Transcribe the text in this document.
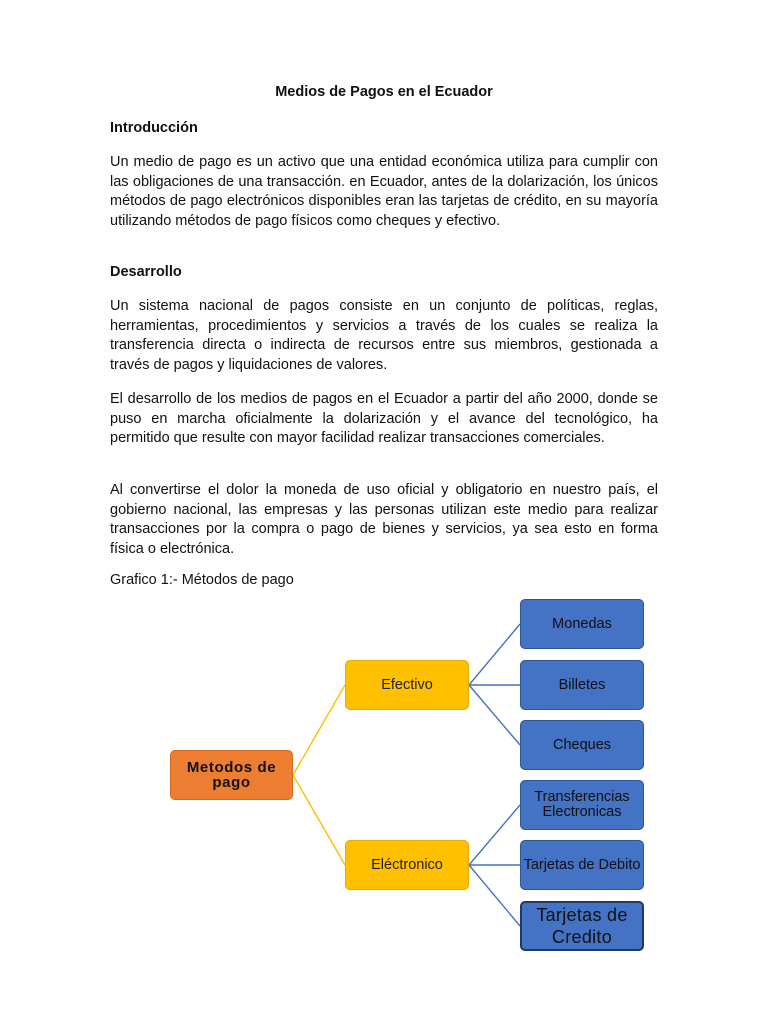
Medios de Pagos en el Ecuador
Introducción

Un medio de pago es un activo que una entidad económica utiliza para cumplir con las obligaciones de una transacción. en Ecuador, antes de la dolarización, los únicos métodos de pago electrónicos disponibles eran las tarjetas de crédito, en su mayoría utilizando métodos de pago físicos como cheques y efectivo.

Desarrollo

Un sistema nacional de pagos consiste en un conjunto de políticas, reglas, herramientas, procedimientos y servicios a través de los cuales se realiza la transferencia directa o indirecta de recursos entre sus miembros, gestionada a través de pagos y liquidaciones de valores.

El desarrollo de los medios de pagos en el Ecuador a partir del año 2000, donde se puso en marcha oficialmente la dolarización y el avance del tecnológico, ha permitido que resulte con mayor facilidad realizar transacciones comerciales.

Al convertirse el dolor la moneda de uso oficial y obligatorio en nuestro país, el gobierno nacional, las empresas y las personas utilizan este medio para realizar transacciones por la compra o pago de bienes y servicios, ya sea esto en forma física o electrónica.

Grafico 1:- Métodos de pago
Metodos de pago
Efectivo
Eléctronico
Monedas
Billetes
Cheques
Transferencias Electronicas
Tarjetas de Debito
Tarjetas de Credito
